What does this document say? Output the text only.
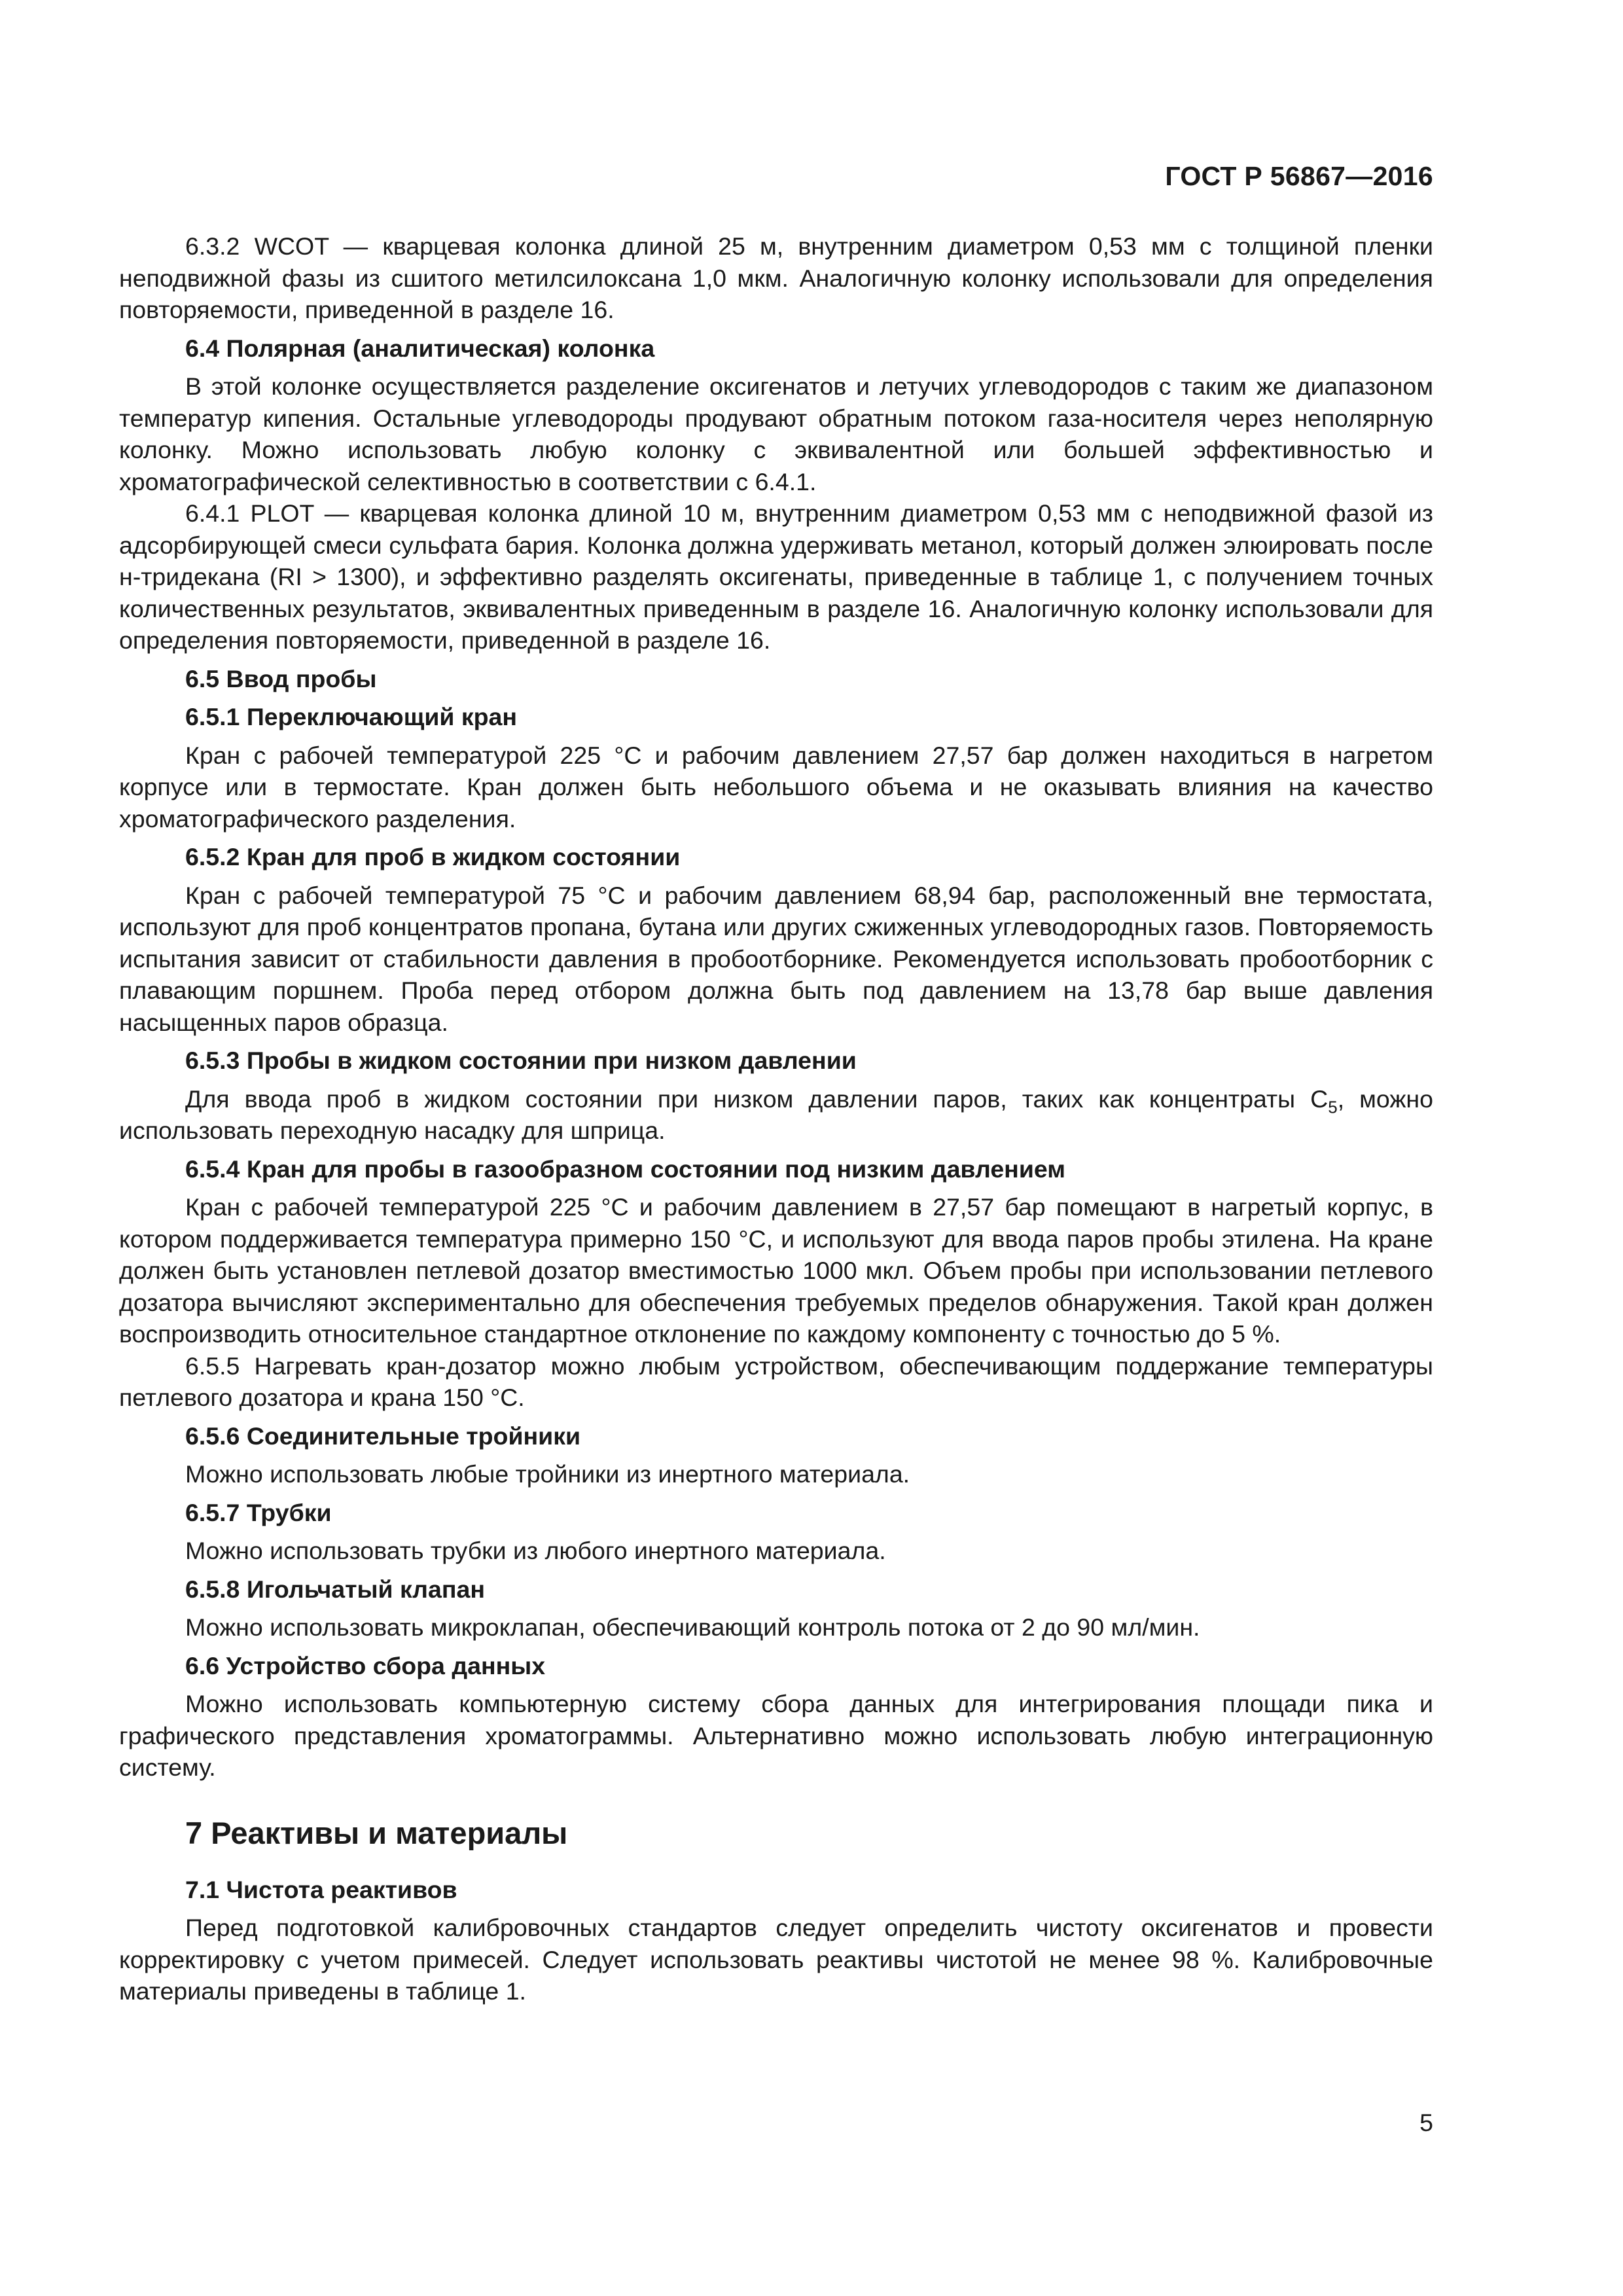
ГОСТ Р 56867—2016

6.3.2 WCOT — кварцевая колонка длиной 25 м, внутренним диаметром 0,53 мм с толщиной пленки неподвижной фазы из сшитого метилсилоксана 1,0 мкм. Аналогичную колонку использовали для определения повторяемости, приведенной в разделе 16.

6.4 Полярная (аналитическая) колонка

В этой колонке осуществляется разделение оксигенатов и летучих углеводородов с таким же диапазоном температур кипения. Остальные углеводороды продувают обратным потоком газа-носителя через неполярную колонку. Можно использовать любую колонку с эквивалентной или большей эффективностью и хроматографической селективностью в соответствии с 6.4.1.

6.4.1 PLOT — кварцевая колонка длиной 10 м, внутренним диаметром 0,53 мм с неподвижной фазой из адсорбирующей смеси сульфата бария. Колонка должна удерживать метанол, который должен элюировать после н-тридекана (RI > 1300), и эффективно разделять оксигенаты, приведенные в таблице 1, с получением точных количественных результатов, эквивалентных приведенным в разделе 16. Аналогичную колонку использовали для определения повторяемости, приведенной в разделе 16.

6.5 Ввод пробы
6.5.1 Переключающий кран

Кран с рабочей температурой 225 °С и рабочим давлением 27,57 бар должен находиться в нагретом корпусе или в термостате. Кран должен быть небольшого объема и не оказывать влияния на качество хроматографического разделения.

6.5.2 Кран для проб в жидком состоянии

Кран с рабочей температурой 75 °С и рабочим давлением 68,94 бар, расположенный вне термостата, используют для проб концентратов пропана, бутана или других сжиженных углеводородных газов. Повторяемость испытания зависит от стабильности давления в пробоотборнике. Рекомендуется использовать пробоотборник с плавающим поршнем. Проба перед отбором должна быть под давлением на 13,78 бар выше давления насыщенных паров образца.

6.5.3 Пробы в жидком состоянии при низком давлении

Для ввода проб в жидком состоянии при низком давлении паров, таких как концентраты $С_5$, можно использовать переходную насадку для шприца.

6.5.4 Кран для пробы в газообразном состоянии под низким давлением

Кран с рабочей температурой 225 °С и рабочим давлением в 27,57 бар помещают в нагретый корпус, в котором поддерживается температура примерно 150 °С, и используют для ввода паров пробы этилена. На кране должен быть установлен петлевой дозатор вместимостью 1000 мкл. Объем пробы при использовании петлевого дозатора вычисляют экспериментально для обеспечения требуемых пределов обнаружения. Такой кран должен воспроизводить относительное стандартное отклонение по каждому компоненту с точностью до 5 %.

6.5.5 Нагревать кран-дозатор можно любым устройством, обеспечивающим поддержание температуры петлевого дозатора и крана 150 °С.

6.5.6 Соединительные тройники

Можно использовать любые тройники из инертного материала.

6.5.7 Трубки

Можно использовать трубки из любого инертного материала.

6.5.8 Игольчатый клапан

Можно использовать микроклапан, обеспечивающий контроль потока от 2 до 90 мл/мин.

6.6 Устройство сбора данных

Можно использовать компьютерную систему сбора данных для интегрирования площади пика и графического представления хроматограммы. Альтернативно можно использовать любую интеграционную систему.

7 Реактивы и материалы
7.1 Чистота реактивов

Перед подготовкой калибровочных стандартов следует определить чистоту оксигенатов и провести корректировку с учетом примесей. Следует использовать реактивы чистотой не менее 98 %. Калибровочные материалы приведены в таблице 1.

5
